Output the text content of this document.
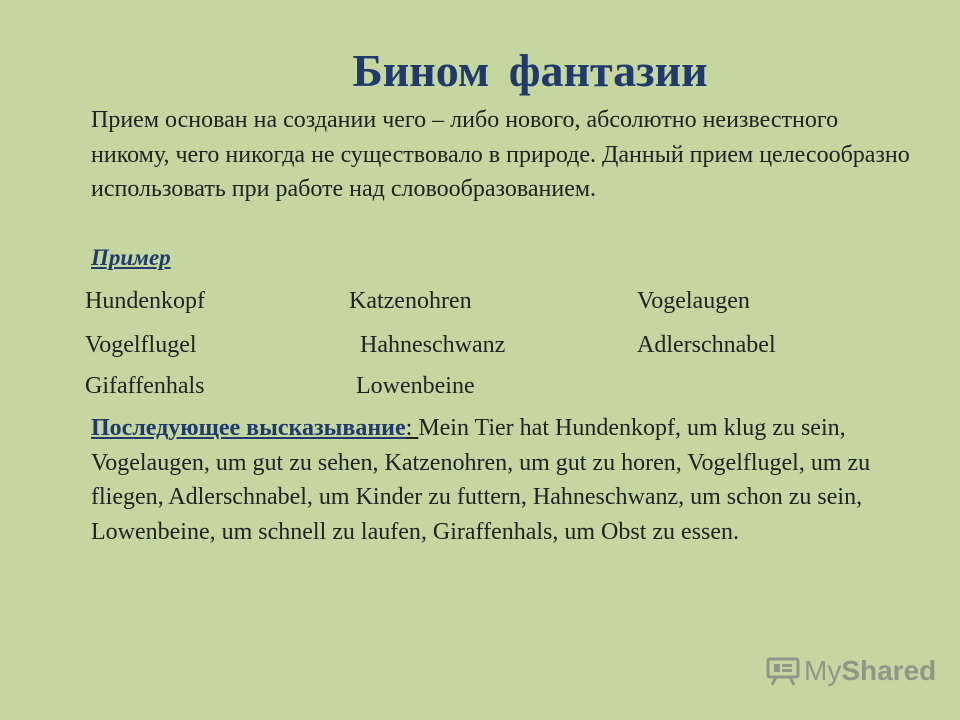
Бином фантазии
Прием основан на создании чего – либо нового, абсолютно неизвестного никому, чего никогда не существовало в природе. Данный прием целесообразно использовать при работе над словообразованием.
Пример
Hundenkopf	Katzenohren	Vogelaugen
Vogelflugel	Hahneschwanz	Adlerschnabel
Gifaffenhals	Lowenbeine
Последующее высказывание: Mein Tier hat Hundenkopf, um klug zu sein, Vogelaugen, um gut zu sehen, Katzenohren, um gut zu horen, Vogelflugel, um zu fliegen, Adlerschnabel, um Kinder zu futtern, Hahneschwanz, um schon zu sein, Lowenbeine, um schnell zu laufen, Giraffenhals, um Obst zu essen.
MyShared
